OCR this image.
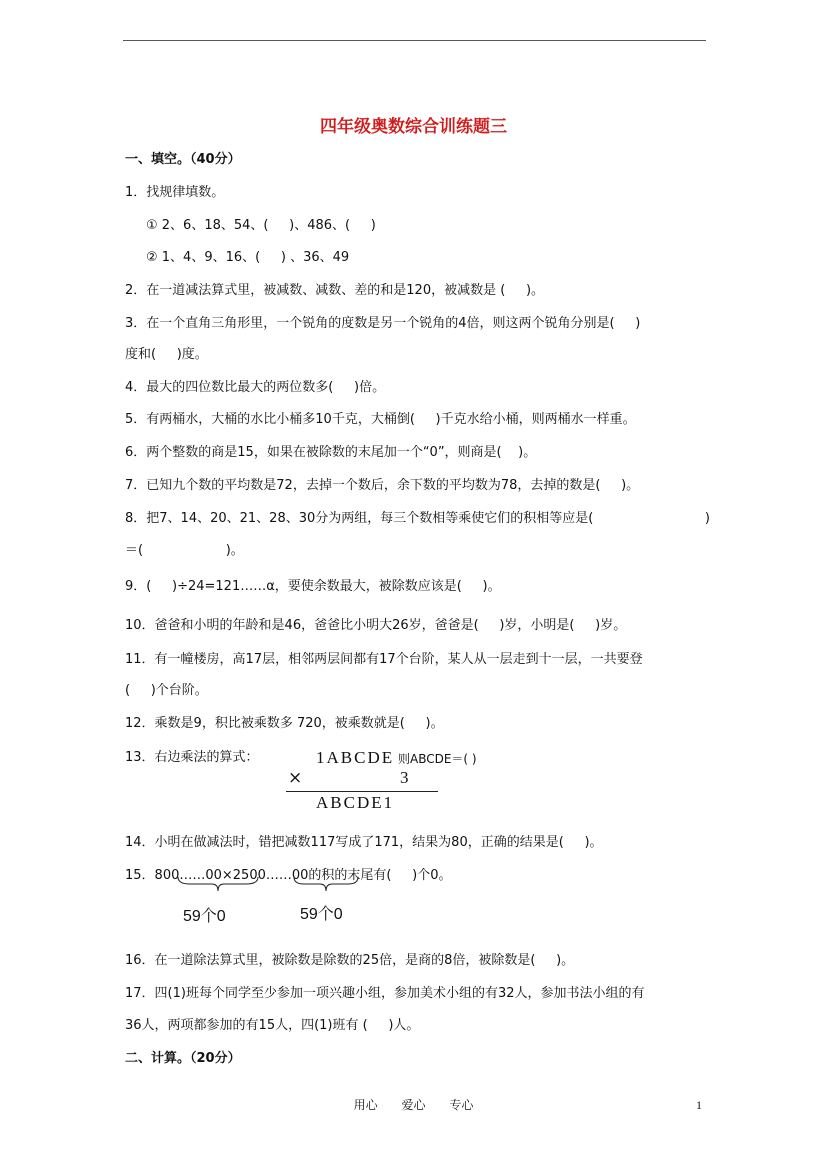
四年级奥数综合训练题三
一、填空。（40分）
1．找规律填数。
① 2、6、18、54、(     )、486、(     )
② 1、4、9、16、(     ) 、36、49
2．在一道减法算式里，被减数、减数、差的和是120，被减数是 (     )。
3．在一个直角三角形里，一个锐角的度数是另一个锐角的4倍，则这两个锐角分别是(     )
度和(     )度。
4．最大的四位数比最大的两位数多(     )倍。
5．有两桶水，大桶的水比小桶多10千克，大桶倒(     )千克水给小桶，则两桶水一样重。
6．两个整数的商是15，如果在被除数的末尾加一个“0”，则商是(    )。
7．已知九个数的平均数是72，去掉一个数后，余下数的平均数为78，去掉的数是(     )。
8．把7、14、20、21、28、30分为两组，每三个数相等乘使它们的积相等应是(                           )
＝(                    )。
9．(     )÷24=121……α，要使余数最大，被除数应该是(     )。
10．爸爸和小明的年龄和是46，爸爸比小明大26岁，爸爸是(     )岁，小明是(     )岁。
11．有一幢楼房，高17层，相邻两层间都有17个台阶，某人从一层走到十一层，一共要登
(     )个台阶。
12．乘数是9，积比被乘数多 720，被乘数就是(     )。
13．右边乘法的算式：	1ABCDE 则ABCDE＝( )
×	3
ABCDE1
14．小明在做减法时，错把减数117写成了171，结果为80，正确的结果是(     )。
15．800……00×2500……00的积的末尾有(     )个0。
59个0	59个0
16．在一道除法算式里，被除数是除数的25倍，是商的8倍，被除数是(     )。
17．四(1)班每个同学至少参加一项兴趣小组，参加美术小组的有32人，参加书法小组的有
36人，两项都参加的有15人，四(1)班有 (     )人。
二、计算。（20分）
用心 爱心 专心	1
